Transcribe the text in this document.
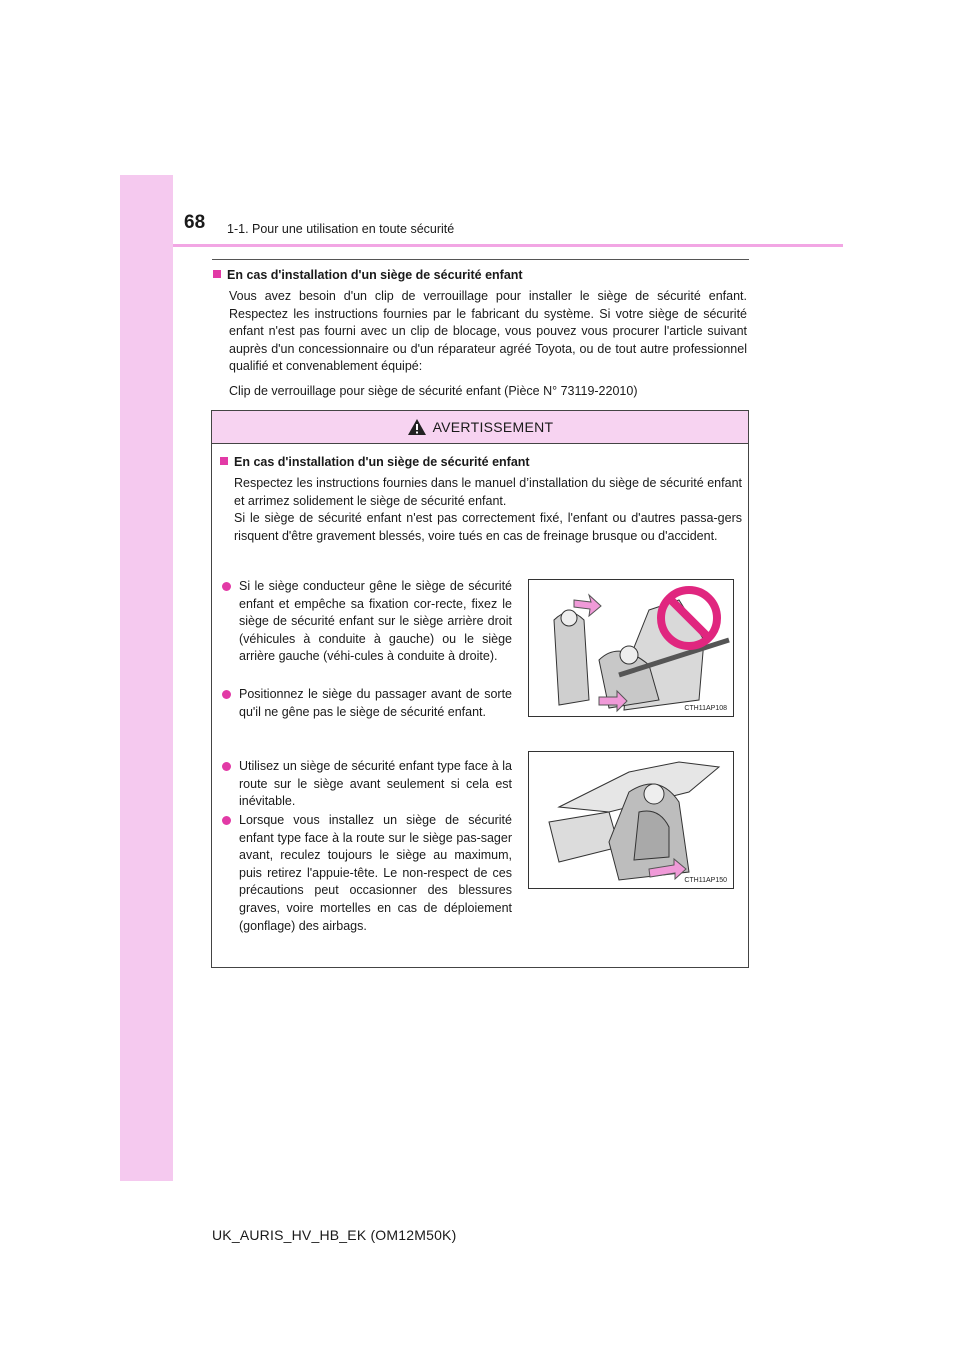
68 1-1. Pour une utilisation en toute sécurité
En cas d'installation d'un siège de sécurité enfant

Vous avez besoin d'un clip de verrouillage pour installer le siège de sécurité enfant. Respectez les instructions fournies par le fabricant du système. Si votre siège de sécurité enfant n'est pas fourni avec un clip de blocage, vous pouvez vous procurer l'article suivant auprès d'un concessionnaire ou d'un réparateur agréé Toyota, ou de tout autre professionnel qualifié et convenablement équipé:

Clip de verrouillage pour siège de sécurité enfant (Pièce N° 73119-22010)

AVERTISSEMENT
En cas d'installation d'un siège de sécurité enfant

Respectez les instructions fournies dans le manuel d’installation du siège de sécurité enfant et arrimez solidement le siège de sécurité enfant.

Si le siège de sécurité enfant n'est pas correctement fixé, l'enfant ou d'autres passa-gers risquent d'être gravement blessés, voire tués en cas de freinage brusque ou d'accident.

Si le siège conducteur gêne le siège de sécurité enfant et empêche sa fixation cor-recte, fixez le siège de sécurité enfant sur le siège arrière droit (véhicules à conduite à gauche) ou le siège arrière gauche (véhi-cules à conduite à droite).
Positionnez le siège du passager avant de sorte qu'il ne gêne pas le siège de sécurité enfant.
Utilisez un siège de sécurité enfant type face à la route sur le siège avant seulement si cela est inévitable.
Lorsque vous installez un siège de sécurité enfant type face à la route sur le siège pas-sager avant, reculez toujours le siège au maximum, puis retirez l'appuie-tête. Le non-respect de ces précautions peut occasionner des blessures graves, voire mortelles en cas de déploiement (gonflage) des airbags.
CTH11AP108
CTH11AP150
UK_AURIS_HV_HB_EK (OM12M50K)
